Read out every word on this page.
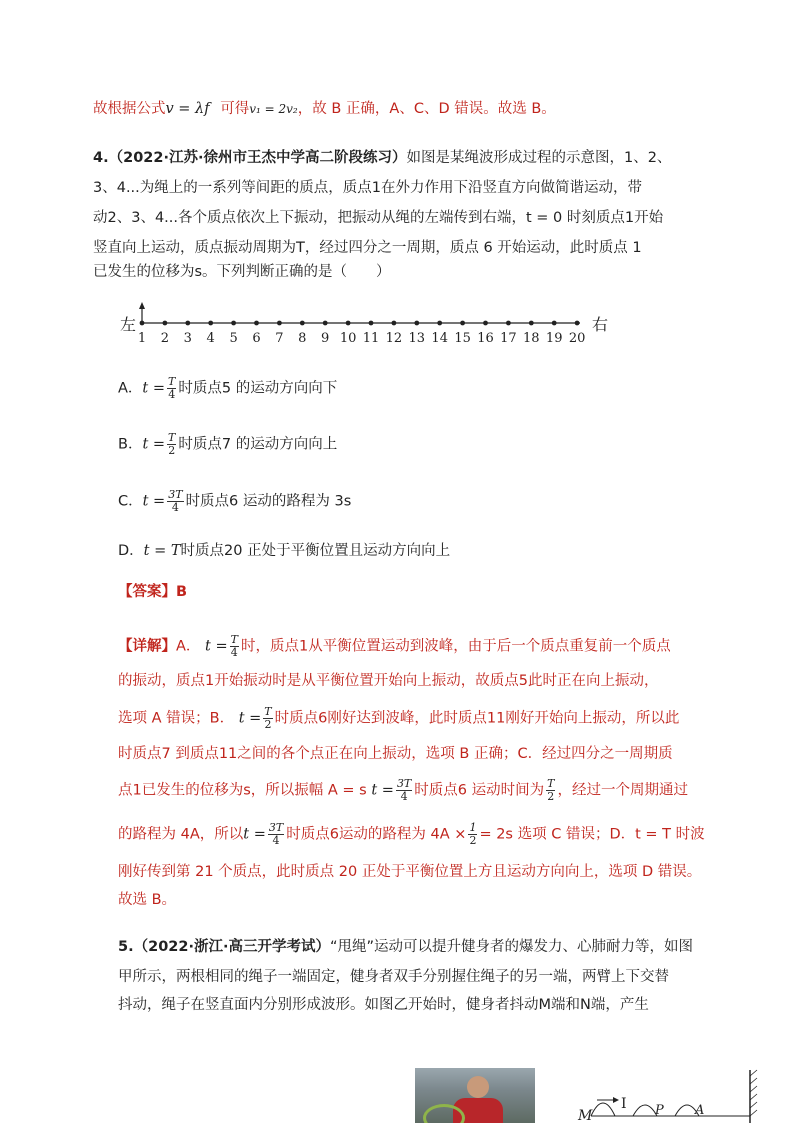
故根据公式v = λf 可得v₁ = 2v₂，故 B 正确，A、C、D 错误。故选 B。
4.（2022·江苏·徐州市王杰中学高二阶段练习）如图是某绳波形成过程的示意图，1、2、
3、4...为绳上的一系列等间距的质点，质点1在外力作用下沿竖直方向做简谐运动，带
动2、3、4...各个质点依次上下振动，把振动从绳的左端传到右端，t = 0 时刻质点1开始
竖直向上运动，质点振动周期为T，经过四分之一周期，质点 6 开始运动，此时质点 1
已发生的位移为s。下列判断正确的是（　　）
左	右
1 2 3 4 5 6 7 8 9 10 11 12 13 14 15 16 17 18 19 20
A．$t = \frac{T}{4}$ 时质点5 的运动方向向下
B．$t = \frac{T}{2}$ 时质点7 的运动方向向上
C．$t = \frac{3T}{4}$ 时质点6 运动的路程为 3s
D．t = T时质点20 正处于平衡位置且运动方向向上
【答案】B
【详解】A． $t = \frac{T}{4}$ 时，质点1从平衡位置运动到波峰，由于后一个质点重复前一个质点
的振动，质点1开始振动时是从平衡位置开始向上振动，故质点5此时正在向上振动，
选项 A 错误；B． $t = \frac{T}{2}$ 时质点6刚好达到波峰，此时质点11刚好开始向上振动，所以此
时质点7 到质点11之间的各个点正在向上振动，选项 B 正确；C．经过四分之一周期质
点1已发生的位移为s，所以振幅 A = s $t = \frac{3T}{4}$ 时质点6 运动时间为 $\frac{T}{2}$ ，经过一个周期通过
的路程为 4A，所以$t = \frac{3T}{4}$ 时质点6运动的路程为 $4A \times \frac{1}{2} = 2s$ 选项 C 错误；D．t = T 时波
刚好传到第 21 个质点，此时质点 20 正处于平衡位置上方且运动方向向上，选项 D 错误。
故选 B。
5.（2022·浙江·高三开学考试）“甩绳”运动可以提升健身者的爆发力、心肺耐力等，如图
甲所示，两根相同的绳子一端固定，健身者双手分别握住绳子的另一端，两臂上下交替
抖动，绳子在竖直面内分别形成波形。如图乙开始时，健身者抖动M端和N端，产生
M
I P A
